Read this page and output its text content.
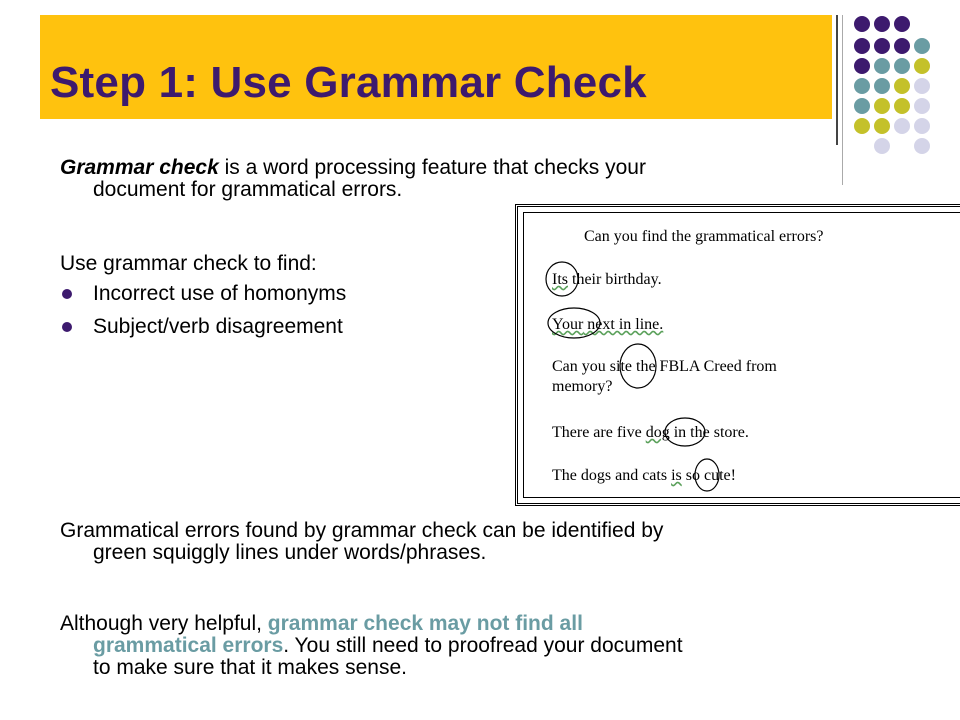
Step 1: Use Grammar Check
Grammar check is a word processing feature that checks your
document for grammatical errors.
Use grammar check to find:
Incorrect use of homonyms
Subject/verb disagreement
Can you find the grammatical errors?
Its their birthday.
Your next in line.
Can you site the FBLA Creed from
memory?
There are five dog in the store.
The dogs and cats is so cute!
Grammatical errors found by grammar check can be identified by
green squiggly lines under words/phrases.
Although very helpful, grammar check may not find all
grammatical errors. You still need to proofread your document
to make sure that it makes sense.
